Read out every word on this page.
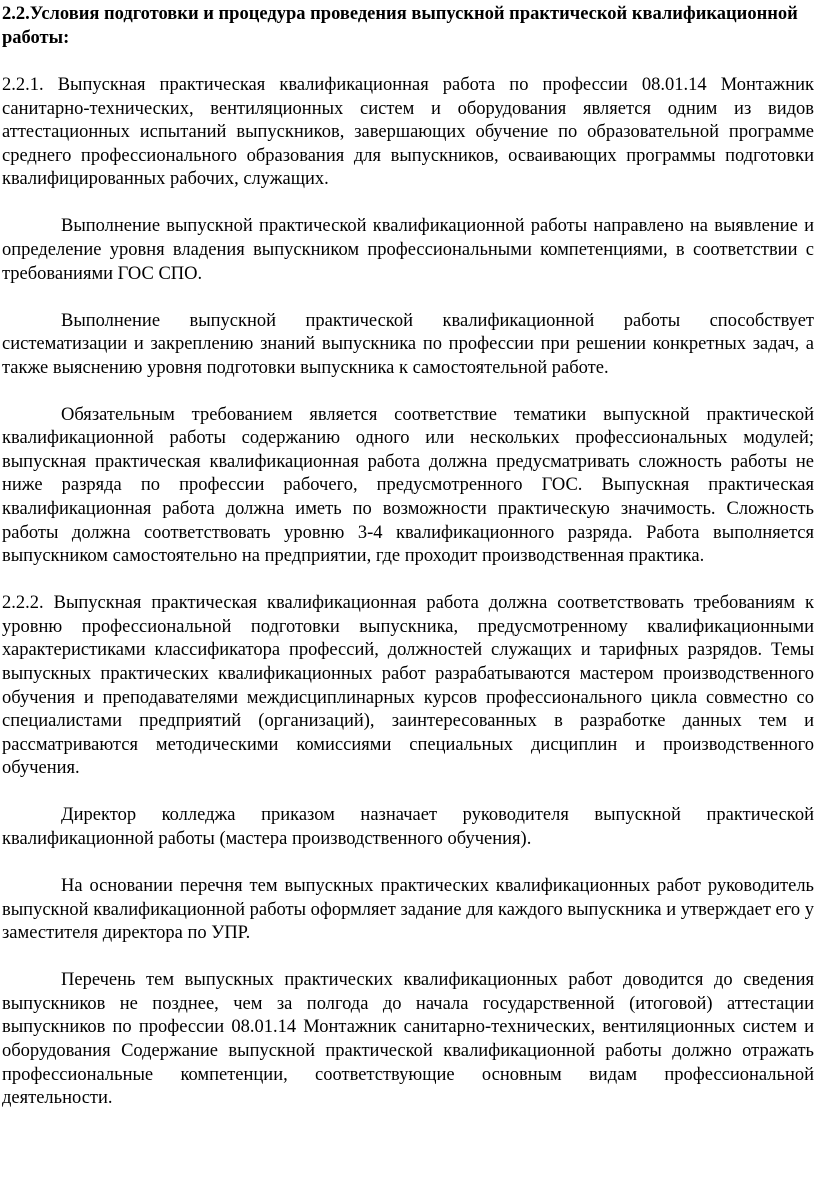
2.2.Условия подготовки и процедура проведения выпускной практической квалификационной работы:

2.2.1. Выпускная практическая квалификационная работа по профессии 08.01.14 Монтажник санитарно-технических, вентиляционных систем и оборудования является одним из видов аттестационных испытаний выпускников, завершающих обучение по образовательной программе среднего профессионального образования для выпускников, осваивающих программы подготовки квалифицированных рабочих, служащих.

Выполнение выпускной практической квалификационной работы направлено на выявление и определение уровня владения выпускником профессиональными компетенциями, в соответствии с требованиями ГОС СПО.

Выполнение выпускной практической квалификационной работы способствует систематизации и закреплению знаний выпускника по профессии при решении конкретных задач, а также выяснению уровня подготовки выпускника к самостоятельной работе.

Обязательным требованием является соответствие тематики выпускной практической квалификационной работы содержанию одного или нескольких профессиональных модулей; выпускная практическая квалификационная работа должна предусматривать сложность работы не ниже разряда по профессии рабочего, предусмотренного ГОС. Выпускная практическая квалификационная работа должна иметь по возможности практическую значимость. Сложность работы должна соответствовать уровню 3-4 квалификационного разряда. Работа выполняется выпускником самостоятельно на предприятии, где проходит производственная практика.

2.2.2. Выпускная практическая квалификационная работа должна соответствовать требованиям к уровню профессиональной подготовки выпускника, предусмотренному квалификационными характеристиками классификатора профессий, должностей служащих и тарифных разрядов. Темы выпускных практических квалификационных работ разрабатываются мастером производственного обучения и преподавателями междисциплинарных курсов профессионального цикла совместно со специалистами предприятий (организаций), заинтересованных в разработке данных тем и рассматриваются методическими комиссиями специальных дисциплин и производственного обучения.

Директор колледжа приказом назначает руководителя выпускной практической квалификационной работы (мастера производственного обучения).

На основании перечня тем выпускных практических квалификационных работ руководитель выпускной квалификационной работы оформляет задание для каждого выпускника и утверждает его у заместителя директора по УПР.

Перечень тем выпускных практических квалификационных работ доводится до сведения выпускников не позднее, чем за полгода до начала государственной (итоговой) аттестации выпускников по профессии 08.01.14 Монтажник санитарно-технических, вентиляционных систем и оборудования Содержание выпускной практической квалификационной работы должно отражать профессиональные компетенции, соответствующие основным видам профессиональной деятельности.
